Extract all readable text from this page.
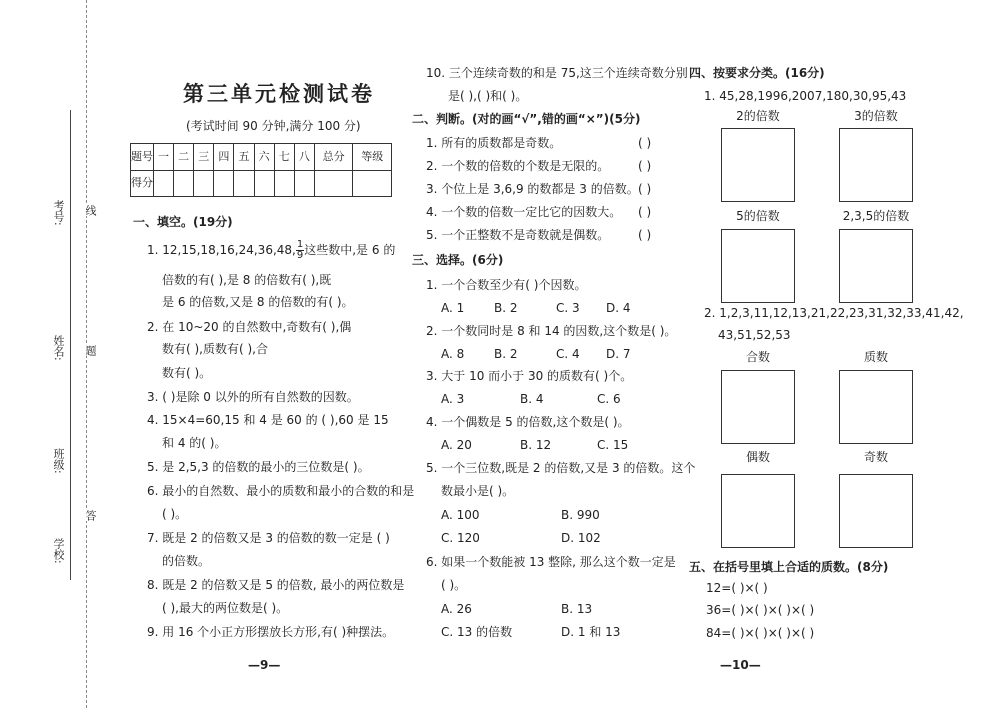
考号: 线
姓名: 题
班级:
学校:
答
第三单元检测试卷
(考试时间 90 分钟,满分 100 分)
题号	一	二	三	四	五	六	七	八	总分	等级
得分										
一、填空。(19分)
1. 12,15,18,16,24,36,48, $\frac{1}{9}$ 这些数中,是 6 的
倍数的有( ),是 8 的倍数有( ),既
是 6 的倍数,又是 8 的倍数的有( )。
2. 在 10~20 的自然数中,奇数有( ),偶
数有( ),质数有( ),合
数有( )。
3. ( )是除 0 以外的所有自然数的因数。
4. 15×4=60,15 和 4 是 60 的 ( ),60 是 15
和 4 的( )。
5. 是 2,5,3 的倍数的最小的三位数是( )。
6. 最小的自然数、最小的质数和最小的合数的和是
( )。
7. 既是 2 的倍数又是 3 的倍数的数一定是 ( )
的倍数。
8. 既是 2 的倍数又是 5 的倍数, 最小的两位数是
( ),最大的两位数是( )。
9. 用 16 个小正方形摆放长方形,有( )种摆法。
—9—
10. 三个连续奇数的和是 75,这三个连续奇数分别
是( ),( )和( )。
二、判断。(对的画“√”,错的画“×”)(5分)
1. 所有的质数都是奇数。	( )
2. 一个数的倍数的个数是无限的。 ( )
3. 个位上是 3,6,9 的数都是 3 的倍数。 ( )
4. 一个数的倍数一定比它的因数大。 ( )
5. 一个正整数不是奇数就是偶数。 ( )
三、选择。(6分)
1. 一个合数至少有( )个因数。
A. 1 B. 2	C. 3 D. 4
2. 一个数同时是 8 和 14 的因数,这个数是( )。
A. 8 B. 2	C. 4 D. 7
3. 大于 10 而小于 30 的质数有( )个。
A. 3	B. 4	C. 6
4. 一个偶数是 5 的倍数,这个数是( )。
A. 20	B. 12	C. 15
5. 一个三位数,既是 2 的倍数,又是 3 的倍数。这个
数最小是( )。
A. 100	B. 990
C. 120	D. 102
6. 如果一个数能被 13 整除, 那么这个数一定是
( )。
A. 26	B. 13
C. 13 的倍数	D. 1 和 13
四、按要求分类。(16分)
1. 45,28,1996,2007,180,30,95,43
2的倍数	3的倍数
5的倍数	2,3,5的倍数
2. 1,2,3,11,12,13,21,22,23,31,32,33,41,42,
43,51,52,53
合数	质数
偶数	奇数
五、在括号里填上合适的质数。(8分)
12=( )×( )
36=( )×( )×( )×( )
84=( )×( )×( )×( )
—10—
